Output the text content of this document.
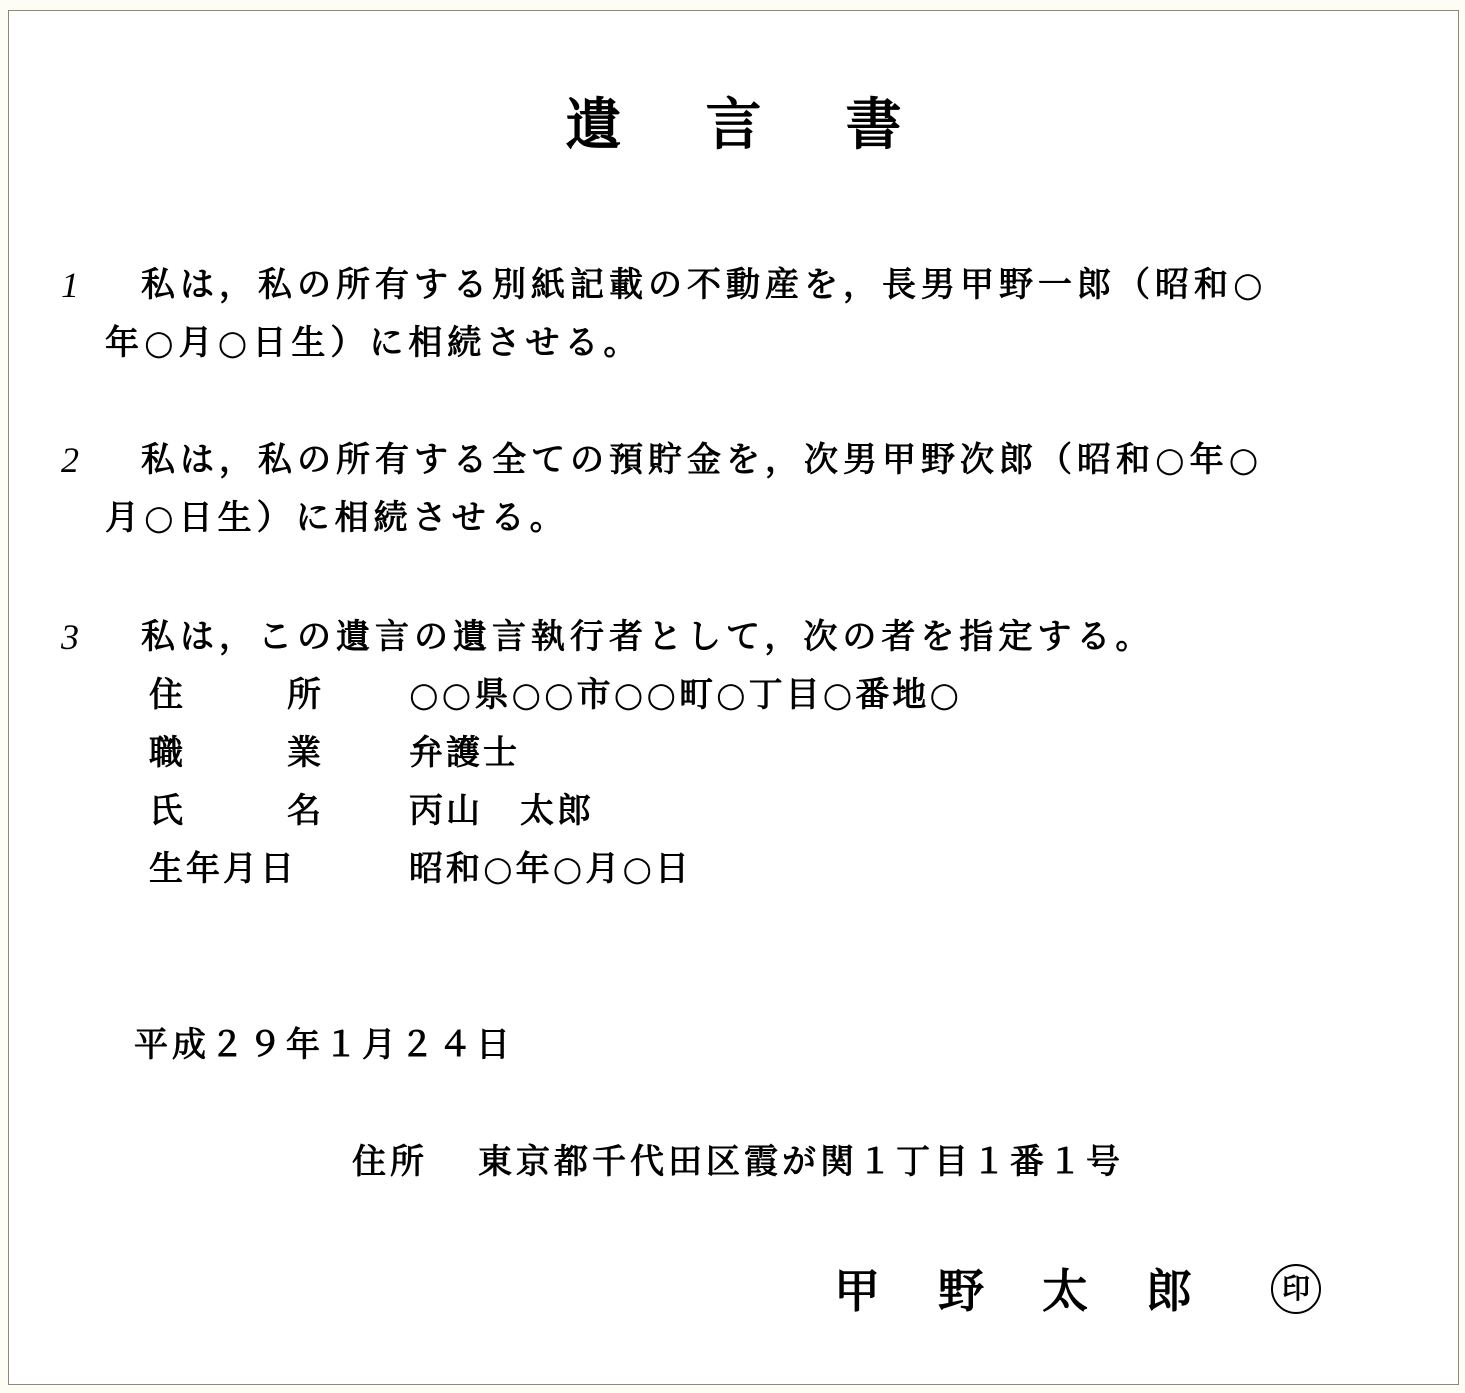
遺言書
1	私は，私の所有する別紙記載の不動産を，長男甲野一郎（昭和○
年○月○日生）に相続させる。
2	私は，私の所有する全ての預貯金を，次男甲野次郎（昭和○年○
月○日生）に相続させる。
3	私は，この遺言の遺言執行者として，次の者を指定する。
住	所	○○県○○市○○町○丁目○番地○
職	業	弁護士
氏	名	丙山　太郎
生年月日	昭和○年○月○日
平成２９年１月２４日
住所 東京都千代田区霞が関１丁目１番１号
甲野太郎	印
